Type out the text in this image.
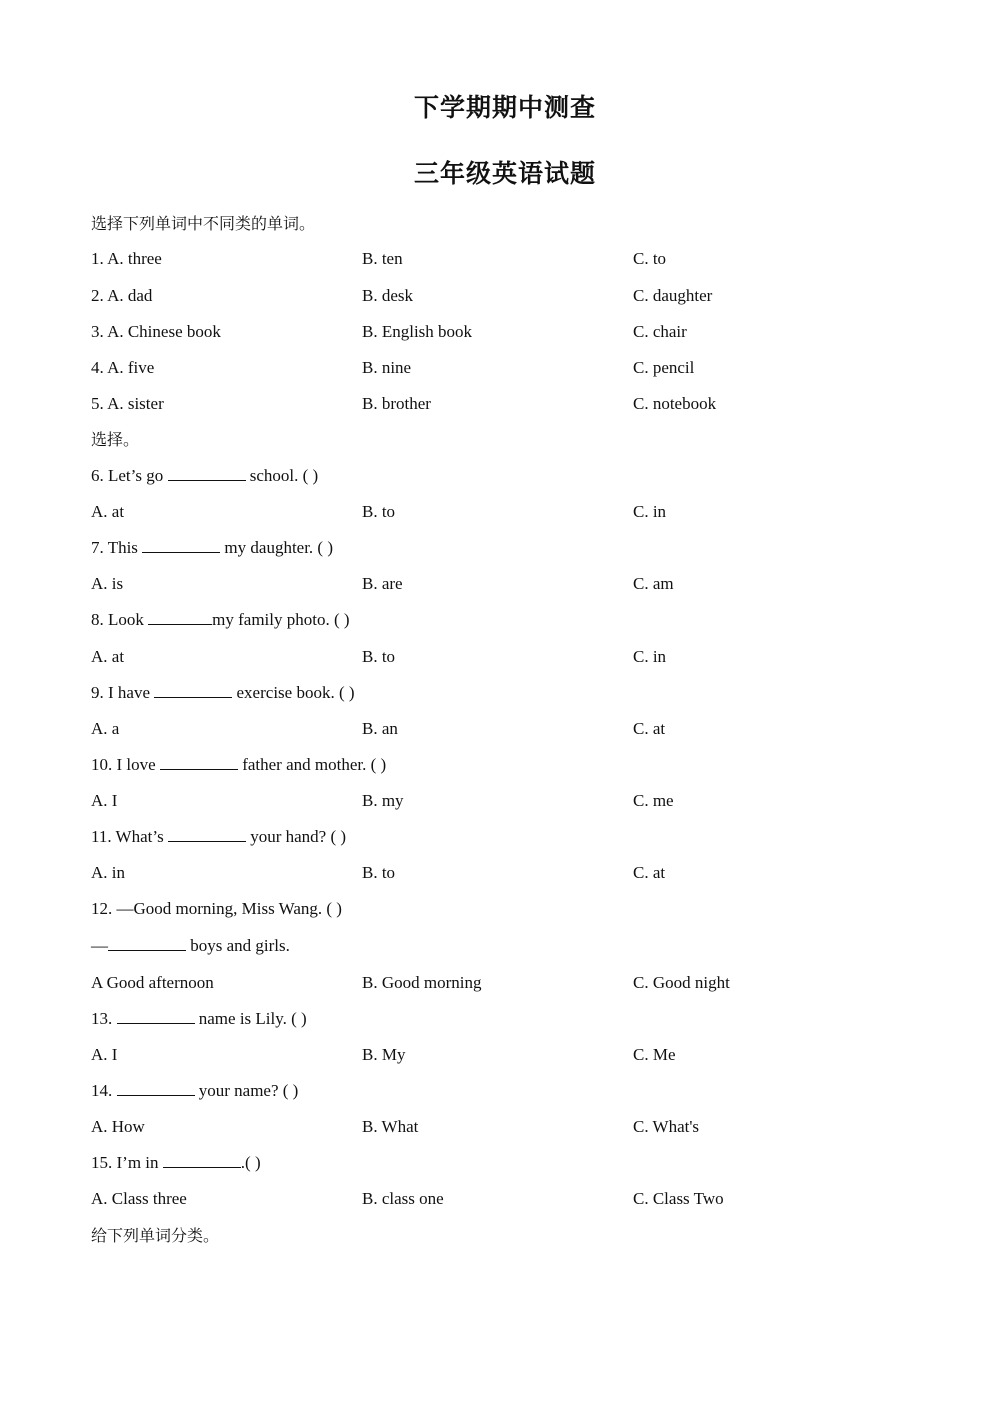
下学期期中测查
三年级英语试题
选择下列单词中不同类的单词。
1. A. three	B. ten	C. to
2. A. dad	B. desk	C. daughter
3. A. Chinese book	B. English book	C. chair
4. A. five	B. nine	C. pencil
5. A. sister	B. brother	C. notebook
选择。
6. Let’s go	school. ( )
A. at	B. to	C. in
7. This	my daughter. ( )
A. is	B. are	C. am
8. Look	my family photo. ( )
A. at	B. to	C. in
9. I have	exercise book. ( )
A. a	B. an	C. at
10. I love	father and mother. ( )
A. I	B. my	C. me
11. What’s	your hand? ( )
A. in	B. to	C. at
12. —Good morning, Miss Wang. ( )
—	boys and girls.
A Good afternoon	B. Good morning	C. Good night
13.	name is Lily. ( )
A. I	B. My	C. Me
14.	your name? ( )
A. How	B. What	C. What's
15. I’m in	.( )
A. Class three	B. class one	C. Class Two
给下列单词分类。
